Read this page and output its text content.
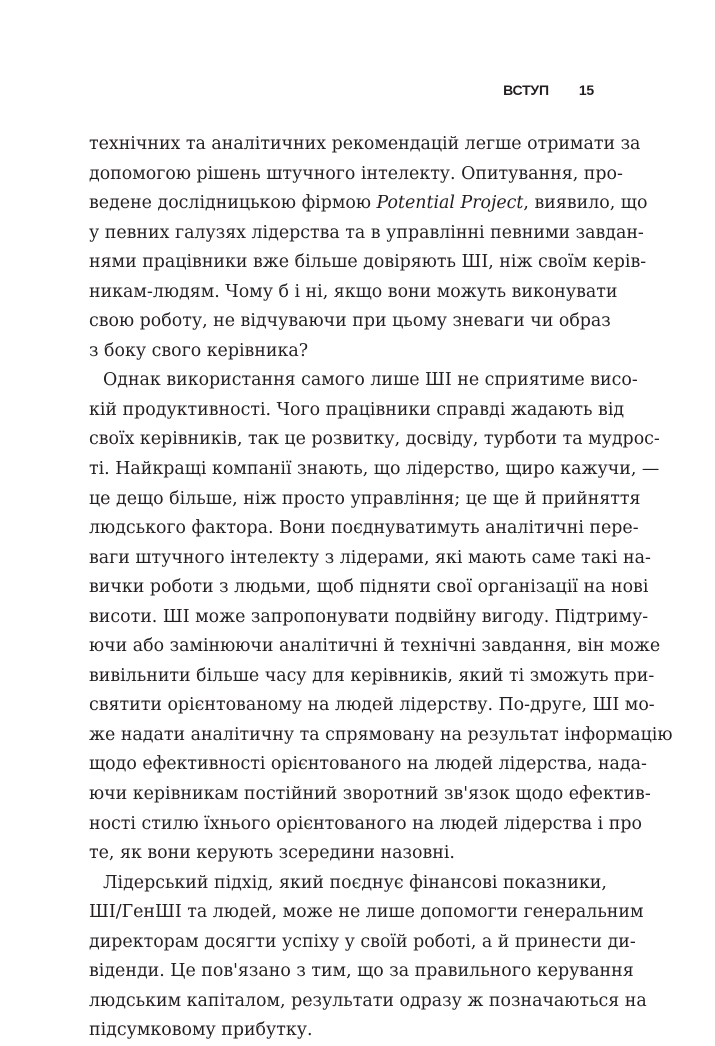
ВСТУП 15
технічних та аналітичних рекомендацій легше отримати за
допомогою рішень штучного інтелекту. Опитування, про-
ведене дослідницькою фірмою Potential Project, виявило, що
у певних галузях лідерства та в управлінні певними завдан-
нями працівники вже більше довіряють ШІ, ніж своїм керів-
никам-людям. Чому б і ні, якщо вони можуть виконувати
свою роботу, не відчуваючи при цьому зневаги чи образ
з боку свого керівника?
Однак використання самого лише ШІ не сприятиме висо-
кій продуктивності. Чого працівники справді жадають від
своїх керівників, так це розвитку, досвіду, турботи та мудрос-
ті. Найкращі компанії знають, що лідерство, щиро кажучи, —
це дещо більше, ніж просто управління; це ще й прийняття
людського фактора. Вони поєднуватимуть аналітичні пере-
ваги штучного інтелекту з лідерами, які мають саме такі на-
вички роботи з людьми, щоб підняти свої організації на нові
висоти. ШІ може запропонувати подвійну вигоду. Підтриму-
ючи або замінюючи аналітичні й технічні завдання, він може
вивільнити більше часу для керівників, який ті зможуть при-
святити орієнтованому на людей лідерству. По-друге, ШІ мо-
же надати аналітичну та спрямовану на результат інформацію
щодо ефективності орієнтованого на людей лідерства, нада-
ючи керівникам постійний зворотний зв'язок щодо ефектив-
ності стилю їхнього орієнтованого на людей лідерства і про
те, як вони керують зсередини назовні.
Лідерський підхід, який поєднує фінансові показники,
ШІ/ГенШІ та людей, може не лише допомогти генеральним
директорам досягти успіху у своїй роботі, а й принести ди-
віденди. Це пов'язано з тим, що за правильного керування
людським капіталом, результати одразу ж позначаються на
підсумковому прибутку.
